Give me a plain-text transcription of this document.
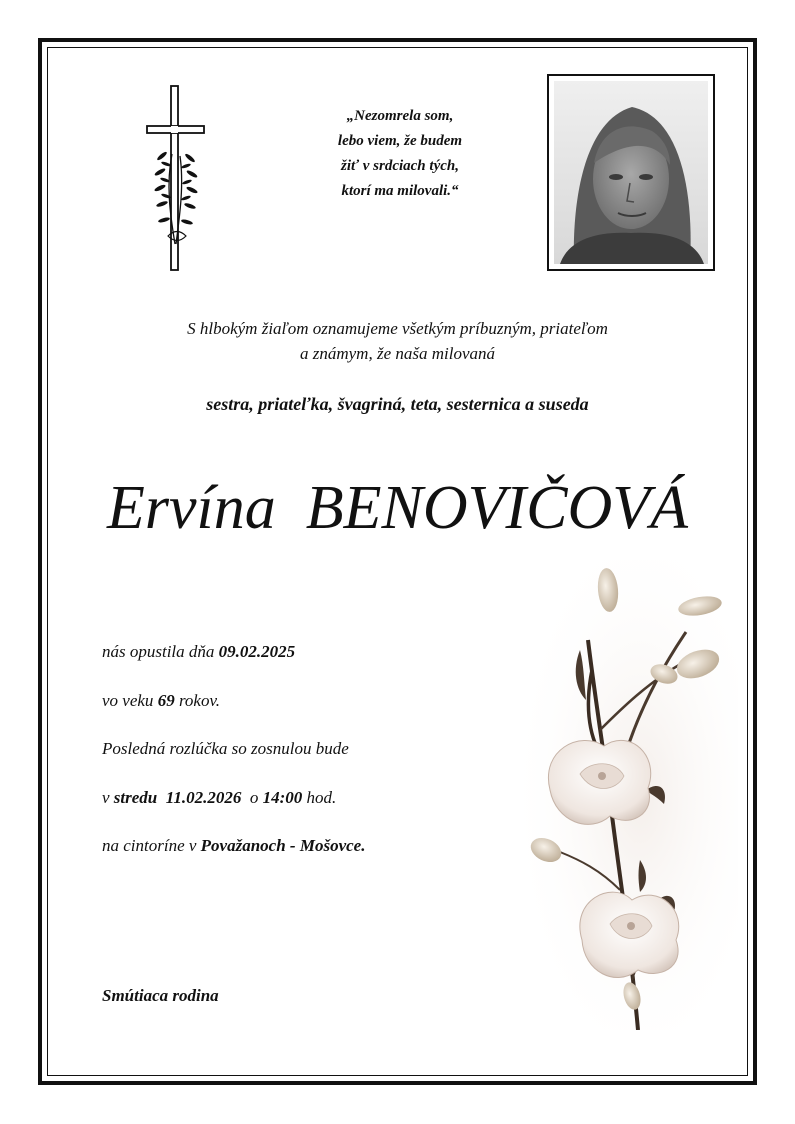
„Nezomrela som,
lebo viem, že budem
žiť v srdciach tých,
ktorí ma milovali.“
S hlbokým žiaľom oznamujeme všetkým príbuzným, priateľom
a známym, že naša milovaná
sestra, priateľka, švagriná, teta, sesternica a suseda
Ervína BENOVIČOVÁ
nás opustila dňa 09.02.2025
vo veku 69 rokov.
Posledná rozlúčka so zosnulou bude
v stredu 11.02.2026 o 14:00 hod.
na cintoríne v Považanoch - Mošovce.
Smútiaca rodina
